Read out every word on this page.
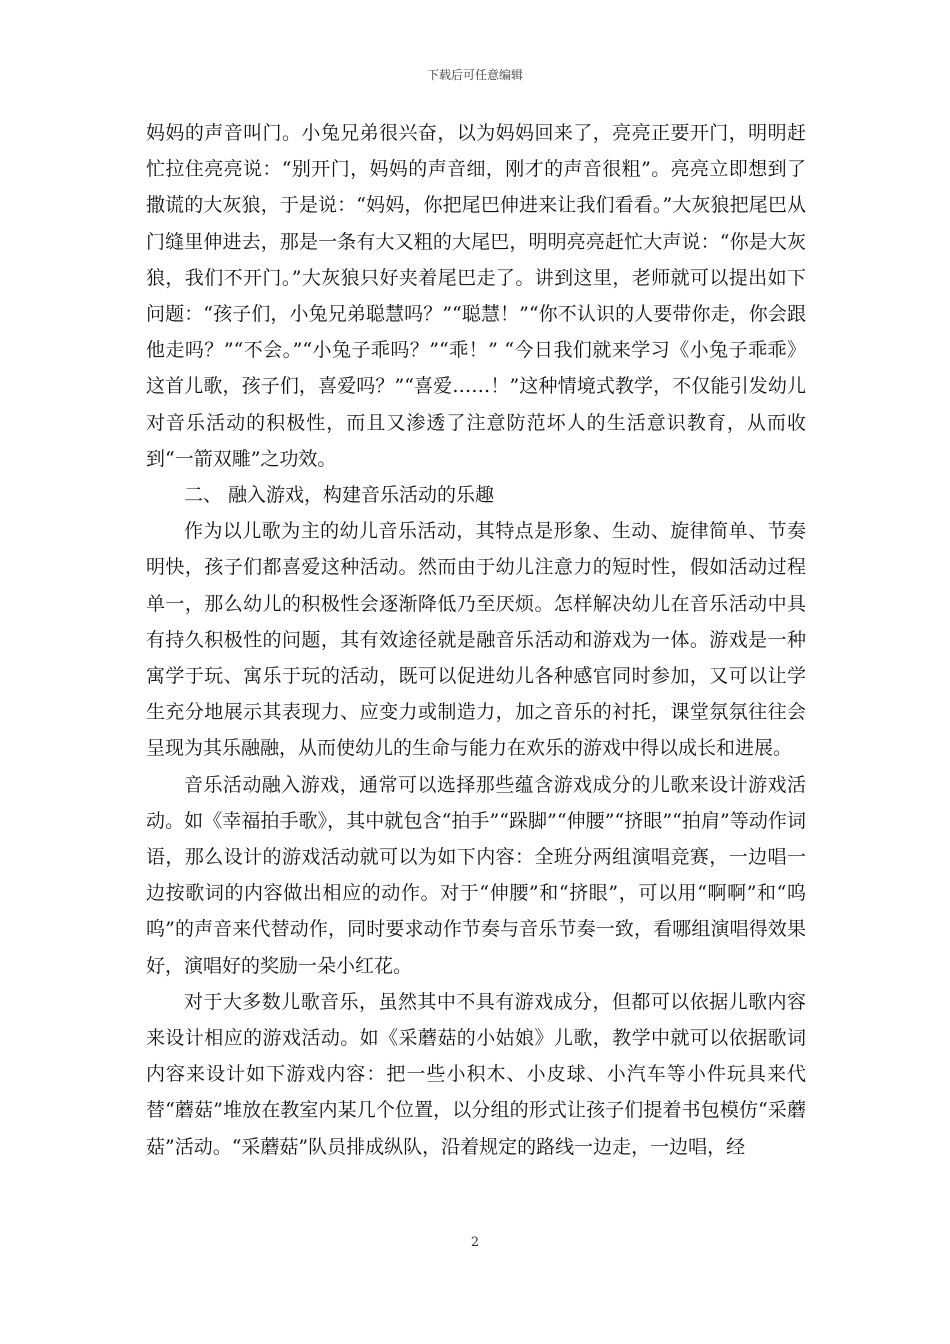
下载后可任意编辑

妈妈的声音叫门。小兔兄弟很兴奋，以为妈妈回来了，亮亮正要开门，明明赶忙拉住亮亮说：“别开门，妈妈的声音细，刚才的声音很粗”。亮亮立即想到了撒谎的大灰狼，于是说：“妈妈，你把尾巴伸进来让我们看看。”大灰狼把尾巴从门缝里伸进去，那是一条有大又粗的大尾巴，明明亮亮赶忙大声说：“你是大灰狼，我们不开门。”大灰狼只好夹着尾巴走了。讲到这里，老师就可以提出如下问题：“孩子们，小兔兄弟聪慧吗？”“聪慧！”“你不认识的人要带你走，你会跟他走吗？”“不会。”“小兔子乖吗？”“乖！” “今日我们就来学习《小兔子乖乖》这首儿歌，孩子们，喜爱吗？”“喜爱……！”这种情境式教学，不仅能引发幼儿对音乐活动的积极性，而且又渗透了注意防范坏人的生活意识教育，从而收到“一箭双雕”之功效。

二、 融入游戏，构建音乐活动的乐趣

作为以儿歌为主的幼儿音乐活动，其特点是形象、生动、旋律简单、节奏明快，孩子们都喜爱这种活动。然而由于幼儿注意力的短时性，假如活动过程单一，那么幼儿的积极性会逐渐降低乃至厌烦。怎样解决幼儿在音乐活动中具有持久积极性的问题，其有效途径就是融音乐活动和游戏为一体。游戏是一种寓学于玩、寓乐于玩的活动，既可以促进幼儿各种感官同时参加，又可以让学生充分地展示其表现力、应变力或制造力，加之音乐的衬托，课堂氛氛往往会呈现为其乐融融，从而使幼儿的生命与能力在欢乐的游戏中得以成长和进展。

音乐活动融入游戏，通常可以选择那些蕴含游戏成分的儿歌来设计游戏活动。如《幸福拍手歌》，其中就包含“拍手”“跺脚”“伸腰”“挤眼”“拍肩”等动作词语，那么设计的游戏活动就可以为如下内容：全班分两组演唱竞赛，一边唱一边按歌词的内容做出相应的动作。对于“伸腰”和“挤眼”，可以用“啊啊”和“呜呜”的声音来代替动作，同时要求动作节奏与音乐节奏一致，看哪组演唱得效果好，演唱好的奖励一朵小红花。

对于大多数儿歌音乐，虽然其中不具有游戏成分，但都可以依据儿歌内容来设计相应的游戏活动。如《采蘑菇的小姑娘》儿歌，教学中就可以依据歌词内容来设计如下游戏内容：把一些小积木、小皮球、小汽车等小件玩具来代替“蘑菇”堆放在教室内某几个位置，以分组的形式让孩子们提着书包模仿“采蘑菇”活动。“采蘑菇”队员排成纵队，沿着规定的路线一边走，一边唱，经

2
